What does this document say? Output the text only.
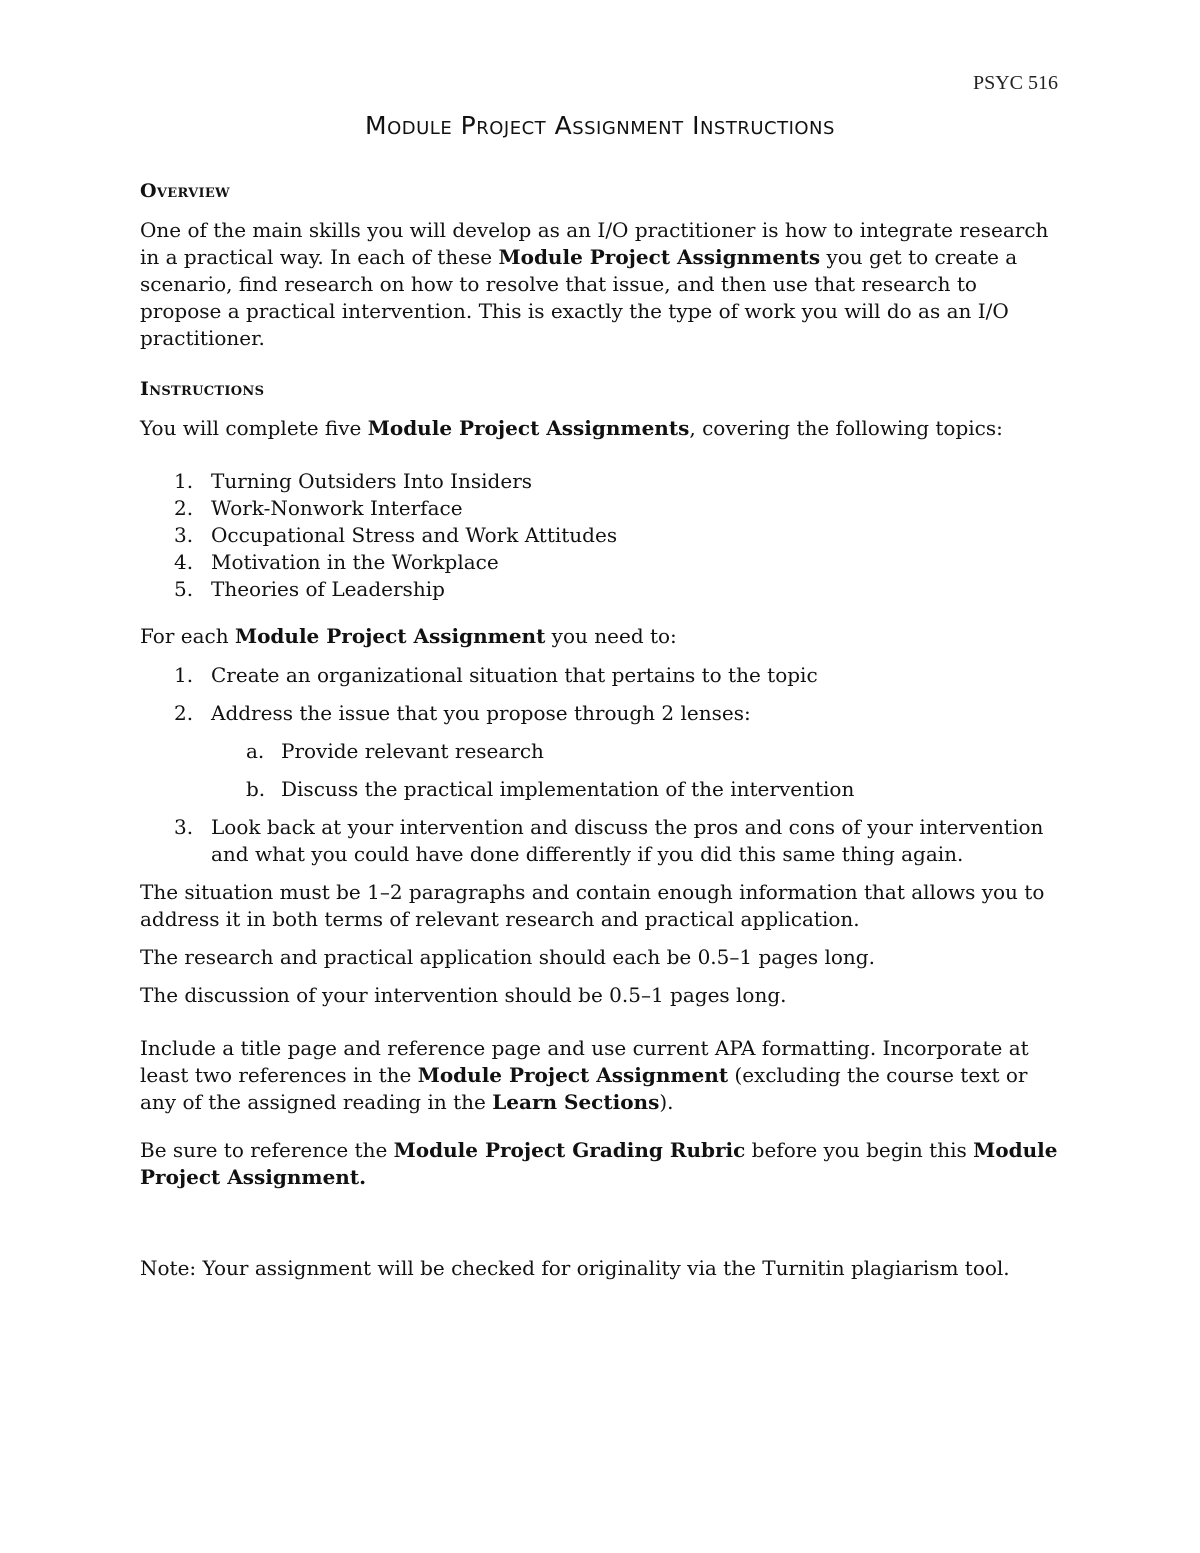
PSYC 516
Module Project Assignment Instructions
Overview

One of the main skills you will develop as an I/O practitioner is how to integrate research in a practical way. In each of these Module Project Assignments you get to create a scenario, find research on how to resolve that issue, and then use that research to propose a practical intervention. This is exactly the type of work you will do as an I/O practitioner.

Instructions

You will complete five Module Project Assignments, covering the following topics:

1. Turning Outsiders Into Insiders
2. Work-Nonwork Interface
3. Occupational Stress and Work Attitudes
4. Motivation in the Workplace
5. Theories of Leadership

For each Module Project Assignment you need to:

1. Create an organizational situation that pertains to the topic
2. Address the issue that you propose through 2 lenses:
a. Provide relevant research
b. Discuss the practical implementation of the intervention
3. Look back at your intervention and discuss the pros and cons of your intervention and what you could have done differently if you did this same thing again.

The situation must be 1–2 paragraphs and contain enough information that allows you to address it in both terms of relevant research and practical application.

The research and practical application should each be 0.5–1 pages long.

The discussion of your intervention should be 0.5–1 pages long.

Include a title page and reference page and use current APA formatting. Incorporate at least two references in the Module Project Assignment (excluding the course text or any of the assigned reading in the Learn Sections).

Be sure to reference the Module Project Grading Rubric before you begin this Module Project Assignment.

Note: Your assignment will be checked for originality via the Turnitin plagiarism tool.
